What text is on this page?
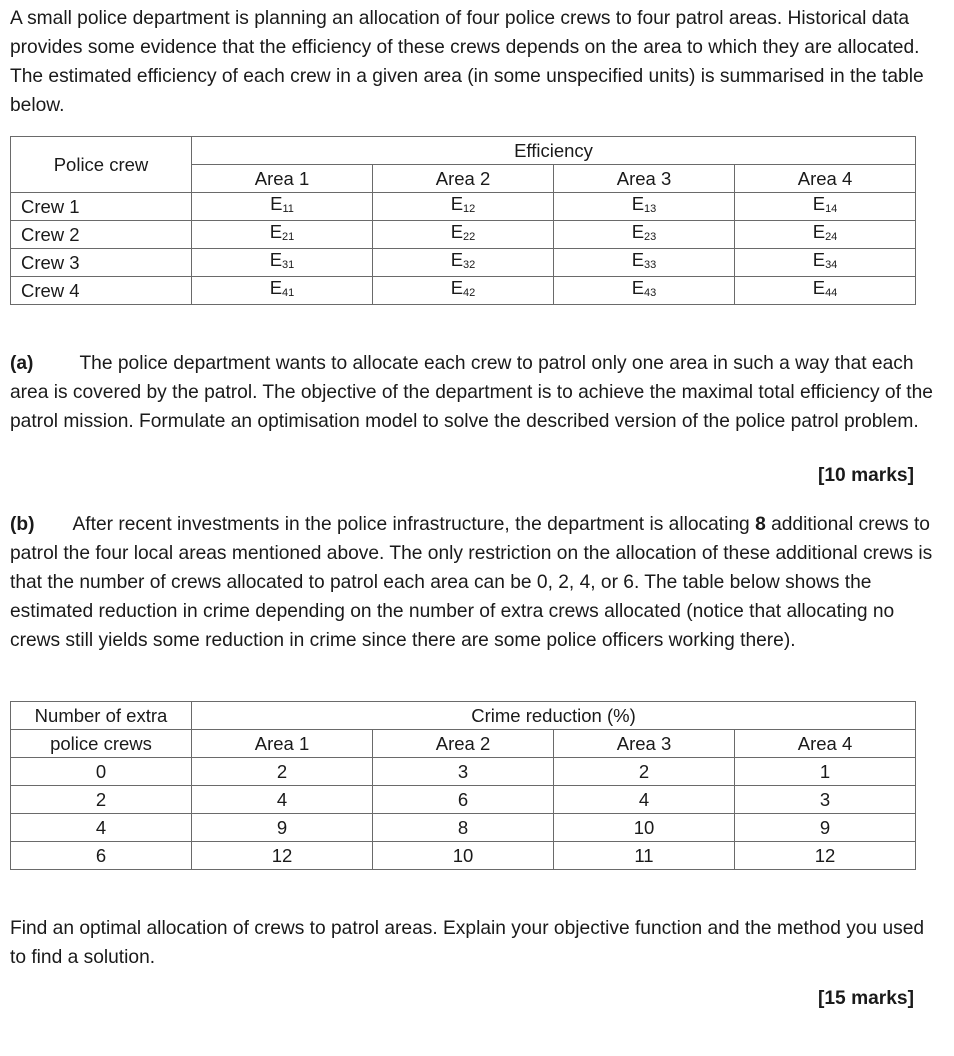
A small police department is planning an allocation of four police crews to four patrol areas. Historical data provides some evidence that the efficiency of these crews depends on the area to which they are allocated. The estimated efficiency of each crew in a given area (in some unspecified units) is summarised in the table below.

Police crew	Efficiency			
	Area 1	Area 2	Area 3	Area 4
Crew 1	$E_{11}$	$E_{12}$	$E_{13}$	$E_{14}$
Crew 2	$E_{21}$	$E_{22}$	$E_{23}$	$E_{24}$
Crew 3	$E_{31}$	$E_{32}$	$E_{33}$	$E_{34}$
Crew 4	$E_{41}$	$E_{42}$	$E_{43}$	$E_{44}$

(a) The police department wants to allocate each crew to patrol only one area in such a way that each area is covered by the patrol. The objective of the department is to achieve the maximal total efficiency of the patrol mission. Formulate an optimisation model to solve the described version of the police patrol problem.

[10 marks]

(b) After recent investments in the police infrastructure, the department is allocating 8 additional crews to patrol the four local areas mentioned above. The only restriction on the allocation of these additional crews is that the number of crews allocated to patrol each area can be 0, 2, 4, or 6. The table below shows the estimated reduction in crime depending on the number of extra crews allocated (notice that allocating no crews still yields some reduction in crime since there are some police officers working there).

Number of extra	Crime reduction (%)			
police crews	Area 1	Area 2	Area 3	Area 4
0	2	3	2	1
2	4	6	4	3
4	9	8	10	9
6	12	10	11	12

Find an optimal allocation of crews to patrol areas. Explain your objective function and the method you used to find a solution.

[15 marks]
